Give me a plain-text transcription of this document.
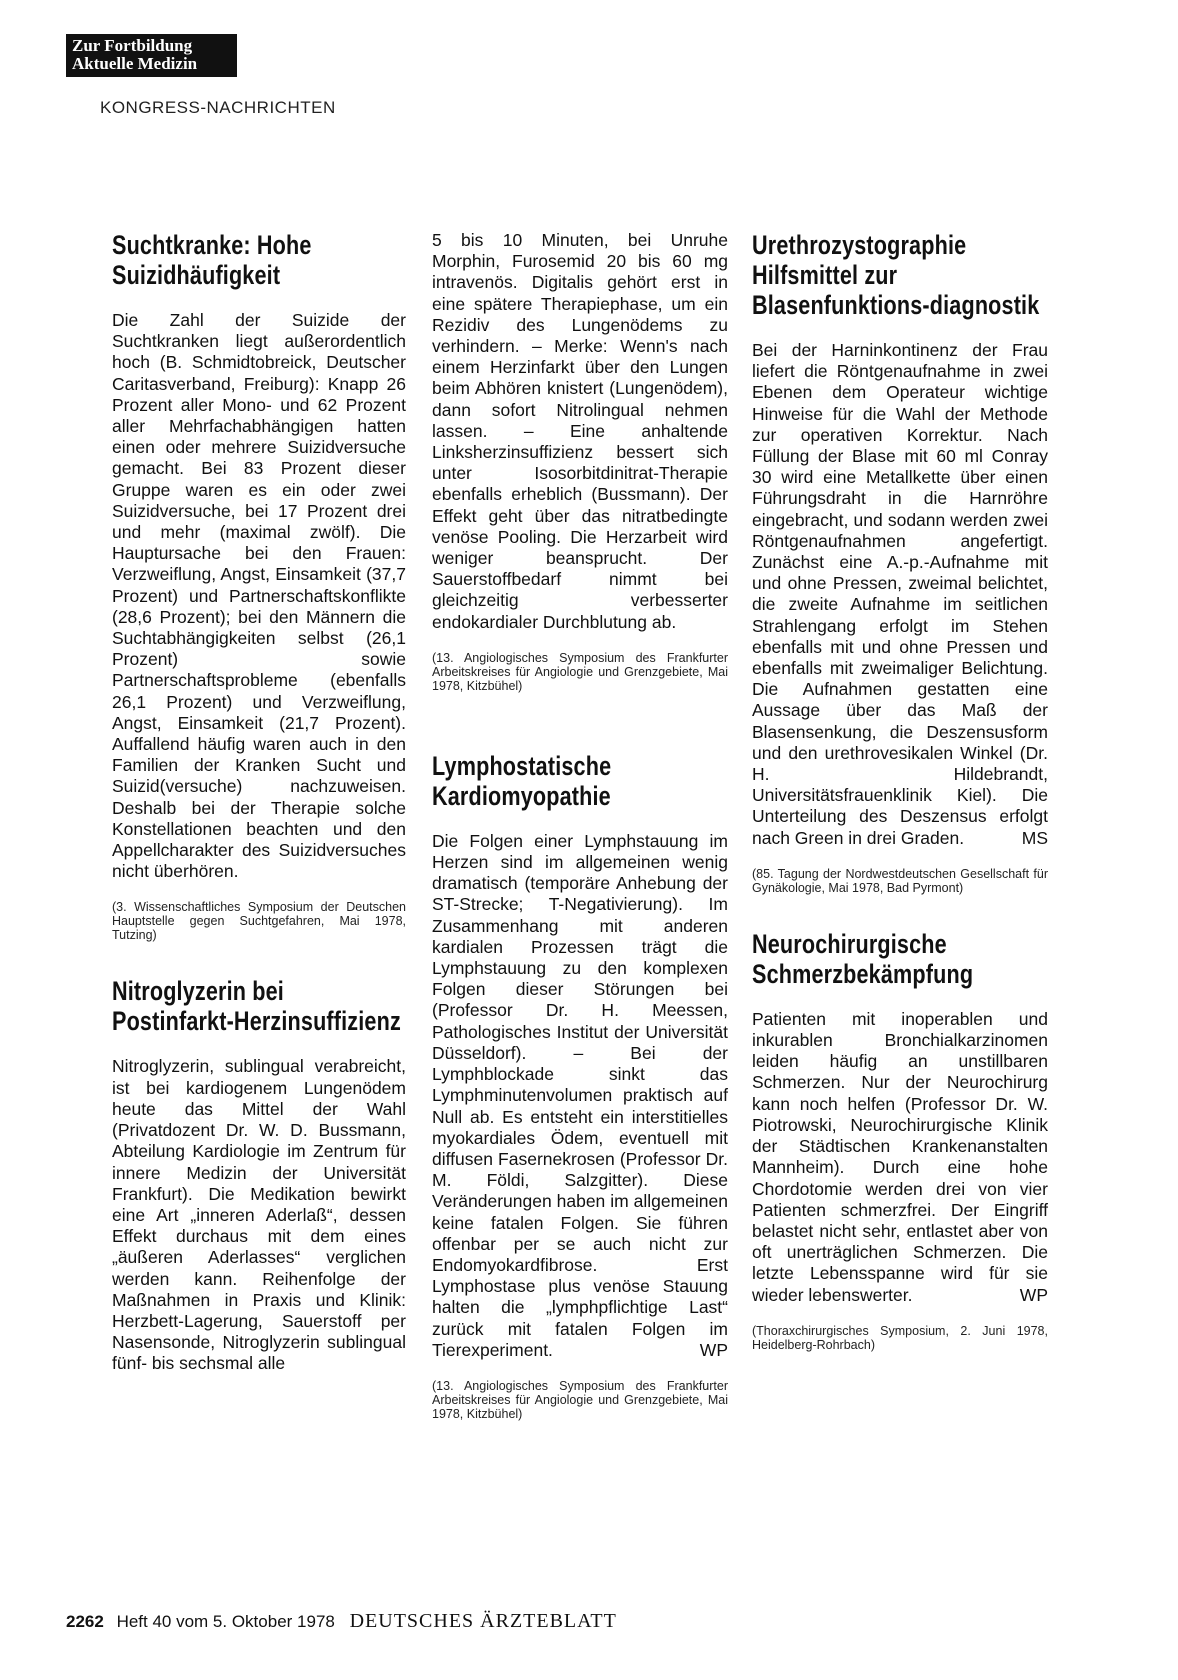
Zur Fortbildung
Aktuelle Medizin
KONGRESS-NACHRICHTEN
Suchtkranke: Hohe Suizidhäufigkeit

Die Zahl der Suizide der Suchtkranken liegt außerordentlich hoch (B. Schmidtobreick, Deutscher Caritasverband, Freiburg): Knapp 26 Prozent aller Mono- und 62 Prozent aller Mehrfachabhängigen hatten einen oder mehrere Suizidversuche gemacht. Bei 83 Prozent dieser Gruppe waren es ein oder zwei Suizidversuche, bei 17 Prozent drei und mehr (maximal zwölf). Die Hauptursache bei den Frauen: Verzweiflung, Angst, Einsamkeit (37,7 Prozent) und Partnerschaftskonflikte (28,6 Prozent); bei den Männern die Suchtabhängigkeiten selbst (26,1 Prozent) sowie Partnerschaftsprobleme (ebenfalls 26,1 Prozent) und Verzweiflung, Angst, Einsamkeit (21,7 Prozent). Auffallend häufig waren auch in den Familien der Kranken Sucht und Suizid(versuche) nachzuweisen. Deshalb bei der Therapie solche Konstellationen beachten und den Appellcharakter des Suizidversuches nicht überhören.

(3. Wissenschaftliches Symposium der Deutschen Hauptstelle gegen Suchtgefahren, Mai 1978, Tutzing)

Nitroglyzerin bei Postinfarkt-Herzinsuffizienz

Nitroglyzerin, sublingual verabreicht, ist bei kardiogenem Lungenödem heute das Mittel der Wahl (Privatdozent Dr. W. D. Bussmann, Abteilung Kardiologie im Zentrum für innere Medizin der Universität Frankfurt). Die Medikation bewirkt eine Art „inneren Aderlaß“, dessen Effekt durchaus mit dem eines „äußeren Aderlasses“ verglichen werden kann. Reihenfolge der Maßnahmen in Praxis und Klinik: Herzbett-Lagerung, Sauerstoff per Nasensonde, Nitroglyzerin sublingual fünf- bis sechsmal alle

5 bis 10 Minuten, bei Unruhe Morphin, Furosemid 20 bis 60 mg intravenös. Digitalis gehört erst in eine spätere Therapiephase, um ein Rezidiv des Lungenödems zu verhindern. – Merke: Wenn's nach einem Herzinfarkt über den Lungen beim Abhören knistert (Lungenödem), dann sofort Nitrolingual nehmen lassen. – Eine anhaltende Linksherzinsuffizienz bessert sich unter Isosorbitdinitrat-Therapie ebenfalls erheblich (Bussmann). Der Effekt geht über das nitratbedingte venöse Pooling. Die Herzarbeit wird weniger beansprucht. Der Sauerstoffbedarf nimmt bei gleichzeitig verbesserter endokardialer Durchblutung ab.

(13. Angiologisches Symposium des Frankfurter Arbeitskreises für Angiologie und Grenzgebiete, Mai 1978, Kitzbühel)

Lymphostatische Kardiomyopathie

Die Folgen einer Lymphstauung im Herzen sind im allgemeinen wenig dramatisch (temporäre Anhebung der ST-Strecke; T-Negativierung). Im Zusammenhang mit anderen kardialen Prozessen trägt die Lymphstauung zu den komplexen Folgen dieser Störungen bei (Professor Dr. H. Meessen, Pathologisches Institut der Universität Düsseldorf). – Bei der Lymphblockade sinkt das Lymphminutenvolumen praktisch auf Null ab. Es entsteht ein interstitielles myokardiales Ödem, eventuell mit diffusen Fasernekrosen (Professor Dr. M. Földi, Salzgitter). Diese Veränderungen haben im allgemeinen keine fatalen Folgen. Sie führen offenbar per se auch nicht zur Endomyokardfibrose. Erst Lymphostase plus venöse Stauung halten die „lymphpflichtige Last“ zurück mit fatalen Folgen im Tierexperiment.	WP

(13. Angiologisches Symposium des Frankfurter Arbeitskreises für Angiologie und Grenzgebiete, Mai 1978, Kitzbühel)

Urethrozystographie Hilfsmittel zur Blasenfunktions-diagnostik

Bei der Harninkontinenz der Frau liefert die Röntgenaufnahme in zwei Ebenen dem Operateur wichtige Hinweise für die Wahl der Methode zur operativen Korrektur. Nach Füllung der Blase mit 60 ml Conray 30 wird eine Metallkette über einen Führungsdraht in die Harnröhre eingebracht, und sodann werden zwei Röntgenaufnahmen angefertigt. Zunächst eine A.-p.-Aufnahme mit und ohne Pressen, zweimal belichtet, die zweite Aufnahme im seitlichen Strahlengang erfolgt im Stehen ebenfalls mit und ohne Pressen und ebenfalls mit zweimaliger Belichtung. Die Aufnahmen gestatten eine Aussage über das Maß der Blasensenkung, die Deszensusform und den urethrovesikalen Winkel (Dr. H. Hildebrandt, Universitätsfrauenklinik Kiel). Die Unterteilung des Deszensus erfolgt nach Green in drei Graden.	MS

(85. Tagung der Nordwestdeutschen Gesellschaft für Gynäkologie, Mai 1978, Bad Pyrmont)

Neurochirurgische Schmerzbekämpfung

Patienten mit inoperablen und inkurablen Bronchialkarzinomen leiden häufig an unstillbaren Schmerzen. Nur der Neurochirurg kann noch helfen (Professor Dr. W. Piotrowski, Neurochirurgische Klinik der Städtischen Krankenanstalten Mannheim). Durch eine hohe Chordotomie werden drei von vier Patienten schmerzfrei. Der Eingriff belastet nicht sehr, entlastet aber von oft unerträglichen Schmerzen. Die letzte Lebensspanne wird für sie wieder lebenswerter.	WP

(Thoraxchirurgisches Symposium, 2. Juni 1978, Heidelberg-Rohrbach)

2262 Heft 40 vom 5. Oktober 1978 DEUTSCHES ÄRZTEBLATT
